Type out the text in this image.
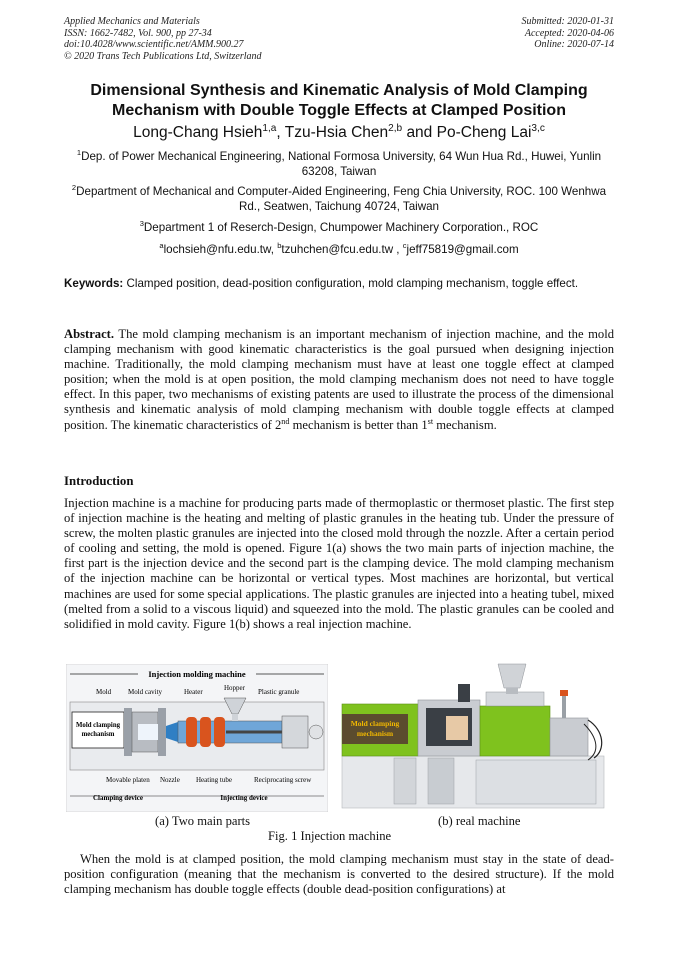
Applied Mechanics and Materials
ISSN: 1662-7482, Vol. 900, pp 27-34
doi:10.4028/www.scientific.net/AMM.900.27
© 2020 Trans Tech Publications Ltd, Switzerland
Submitted: 2020-01-31
Accepted: 2020-04-06
Online: 2020-07-14
Dimensional Synthesis and Kinematic Analysis of Mold Clamping
Mechanism with Double Toggle Effects at Clamped Position
Long-Chang Hsieh$^{1,a}$, Tzu-Hsia Chen$^{2,b}$ and Po-Cheng Lai$^{3,c}$
$^1$Dep. of Power Mechanical Engineering, National Formosa University, 64 Wun Hua Rd., Huwei, Yunlin 63208, Taiwan
$^2$Department of Mechanical and Computer-Aided Engineering, Feng Chia University, ROC. 100 Wenhwa Rd., Seatwen, Taichung 40724, Taiwan
$^3$Department 1 of Reserch-Design, Chumpower Machinery Corporation., ROC
$^a$lochsieh@nfu.edu.tw, $^b$tzuhchen@fcu.edu.tw , $^c$jeff75819@gmail.com
Keywords: Clamped position, dead-position configuration, mold clamping mechanism, toggle effect.
Abstract. The mold clamping mechanism is an important mechanism of injection machine, and the mold clamping mechanism with good kinematic characteristics is the goal pursued when designing injection machine. Traditionally, the mold clamping mechanism must have at least one toggle effect at clamped position; when the mold is at open position, the mold clamping mechanism does not need to have toggle effect. In this paper, two mechanisms of existing patents are used to illustrate the process of the dimensional synthesis and kinematic analysis of mold clamping mechanism with double toggle effects at clamped position. The kinematic characteristics of 2nd mechanism is better than 1st mechanism.
Introduction
Injection machine is a machine for producing parts made of thermoplastic or thermoset plastic. The first step of injection machine is the heating and melting of plastic granules in the heating tub. Under the pressure of screw, the molten plastic granules are injected into the closed mold through the nozzle. After a certain period of cooling and setting, the mold is opened. Figure 1(a) shows the two main parts of injection machine, the first part is the injection device and the second part is the clamping device. The mold clamping mechanism of the injection machine can be horizontal or vertical types. Most machines are horizontal, but vertical machines are used for some special applications. The plastic granules are injected into a heating tubel, mixed (melted from a solid to a viscous liquid) and squeezed into the mold. The plastic granules can be cooled and solidified in mold cavity. Figure 1(b) shows a real injection machine.
Injection molding machine
Mold Mold cavity	Heater	Hopper Plastic granule
Mold clamping
mechanism
Movable platen Nozzle Heating tube	Reciprocating screw
Clamping device	Injecting device
Mold clamping
mechanism
(a) Two main parts	(b) real machine
Fig. 1 Injection machine
When the mold is at clamped position, the mold clamping mechanism must stay in the state of dead-position configuration (meaning that the mechanism is converted to the desired structure). If the mold clamping mechanism has double toggle effects (double dead-position configurations) at
